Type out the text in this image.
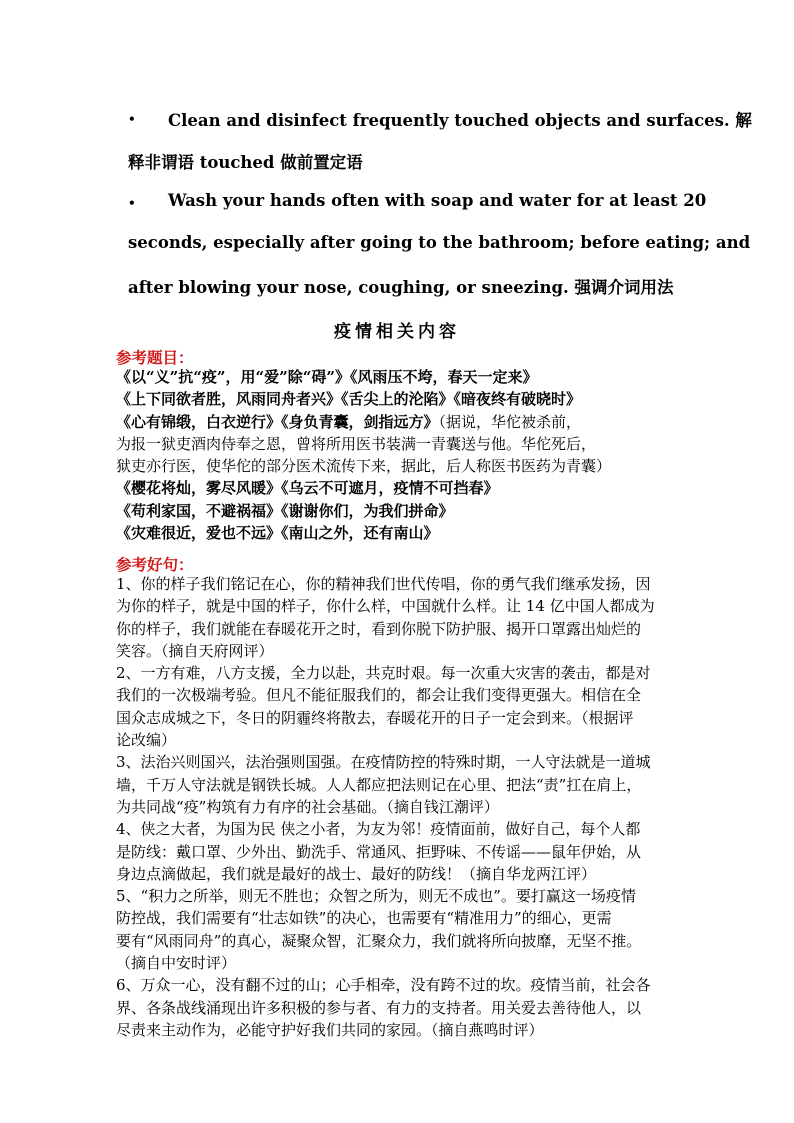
• Clean and disinfect frequently touched objects and surfaces. 解
释非谓语 touched 做前置定语
• Wash your hands often with soap and water for at least 20
seconds, especially after going to the bathroom; before eating; and
after blowing your nose, coughing, or sneezing. 强调介词用法
疫情相关内容
参考题目：
《以“义”抗“疫”，用“爱”除“碍”》《风雨压不垮，春天一定来》
《上下同欲者胜，风雨同舟者兴》《舌尖上的沦陷》《暗夜终有破晓时》
《心有锦缎，白衣逆行》《身负青囊，剑指远方》（据说，华佗被杀前，
为报一狱吏酒肉侍奉之恩，曾将所用医书装满一青囊送与他。华佗死后，
狱吏亦行医，使华佗的部分医术流传下来，据此，后人称医书医药为青囊）
《樱花将灿，雾尽风暖》《乌云不可遮月，疫情不可挡春》
《苟利家国，不避祸福》《谢谢你们，为我们拼命》
《灾难很近，爱也不远》《南山之外，还有南山》
参考好句：
1、你的样子我们铭记在心，你的精神我们世代传唱，你的勇气我们继承发扬，因
为你的样子，就是中国的样子，你什么样，中国就什么样。让 14 亿中国人都成为
你的样子，我们就能在春暖花开之时，看到你脱下防护服、揭开口罩露出灿烂的
笑容。（摘自天府网评）
2、一方有难，八方支援，全力以赴，共克时艰。每一次重大灾害的袭击，都是对
我们的一次极端考验。但凡不能征服我们的，都会让我们变得更强大。相信在全
国众志成城之下，冬日的阴霾终将散去，春暖花开的日子一定会到来。（根据评
论改编）
3、法治兴则国兴，法治强则国强。在疫情防控的特殊时期，一人守法就是一道城
墙，千万人守法就是钢铁长城。人人都应把法则记在心里、把法“责”扛在肩上，
为共同战“疫”构筑有力有序的社会基础。（摘自钱江潮评）
4、侠之大者，为国为民 侠之小者，为友为邻！疫情面前，做好自己，每个人都
是防线：戴口罩、少外出、勤洗手、常通风、拒野味、不传谣——鼠年伊始，从
身边点滴做起，我们就是最好的战士、最好的防线！（摘自华龙两江评）
5、“积力之所举，则无不胜也；众智之所为，则无不成也”。要打赢这一场疫情
防控战，我们需要有“壮志如铁”的决心，也需要有“精准用力”的细心，更需
要有“风雨同舟”的真心，凝聚众智，汇聚众力，我们就将所向披靡，无坚不推。
（摘自中安时评）
6、万众一心，没有翻不过的山；心手相牵，没有跨不过的坎。疫情当前，社会各
界、各条战线涌现出许多积极的参与者、有力的支持者。用关爱去善待他人，以
尽责来主动作为，必能守护好我们共同的家园。（摘自燕鸣时评）
